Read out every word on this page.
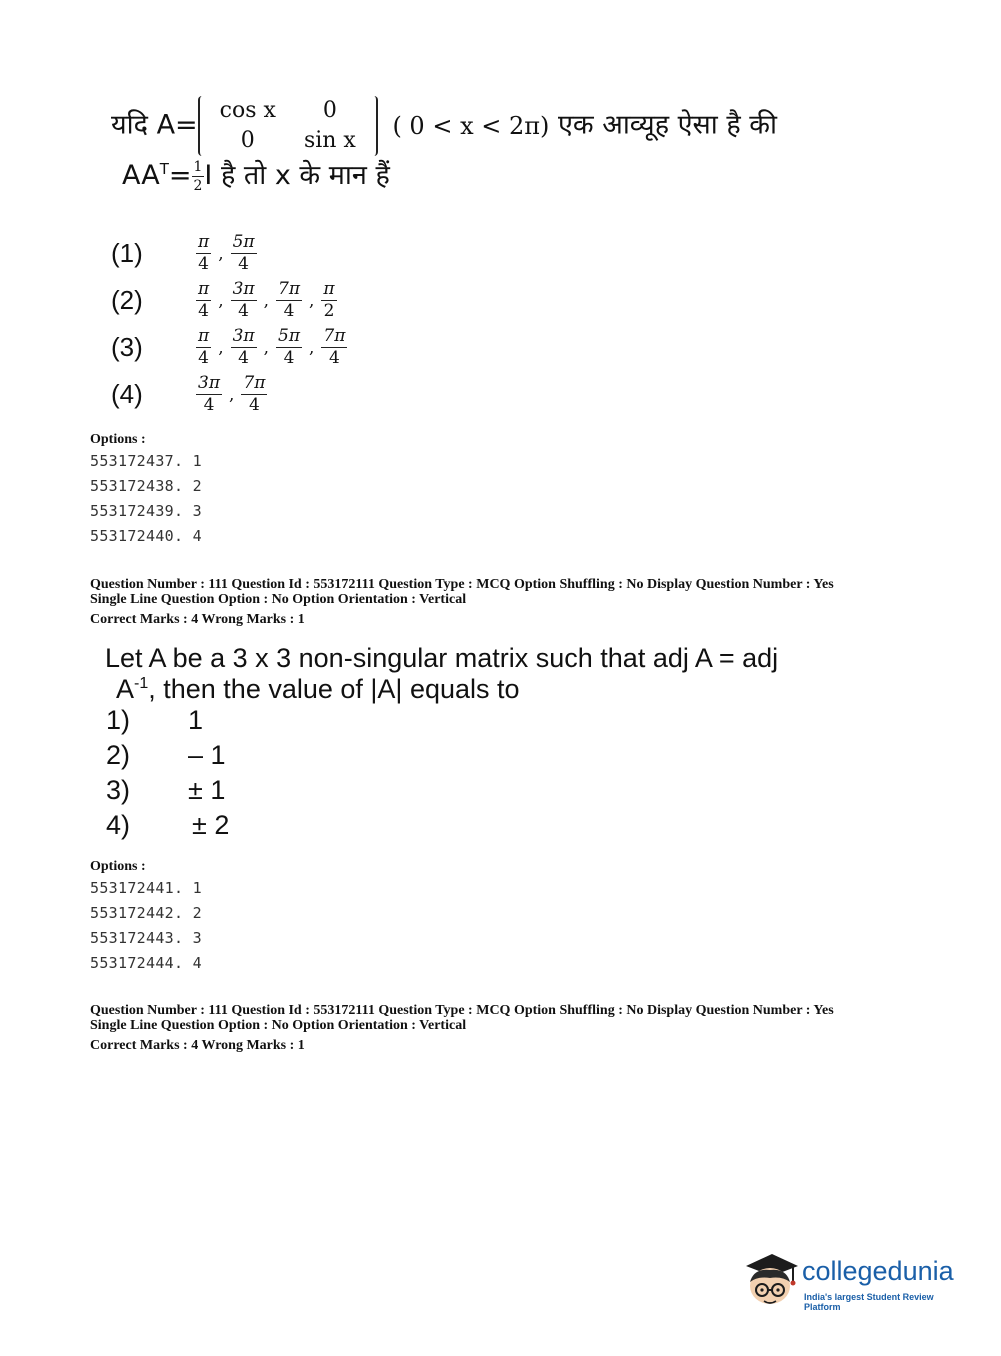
यदि A= cos x	0
0	sin x
( 0 < x < 2π) एक आव्यूह ऐसा है की
$AA^T= \frac{1}{2}$ I है तो x के मान हैं
(1)	$\frac{\pi}{4}$ , $\frac{5\pi}{4}$
(2)	$\frac{\pi}{4}$ , $\frac{3\pi}{4}$ , $\frac{7\pi}{4}$ , $\frac{\pi}{2}$
(3)	$\frac{\pi}{4}$ , $\frac{3\pi}{4}$ , $\frac{5\pi}{4}$ , $\frac{7\pi}{4}$
(4)	$\frac{3\pi}{4}$ , $\frac{7\pi}{4}$
Options :
553172437. 1
553172438. 2
553172439. 3
553172440. 4
Question Number : 111 Question Id : 553172111 Question Type : MCQ Option Shuffling : No Display Question Number : Yes
Single Line Question Option : No Option Orientation : Vertical
Correct Marks : 4 Wrong Marks : 1
Let A be a 3 x 3 non-singular matrix such that adj A = adj
$A^{-1}$, then the value of |A| equals to
1) 1
2) – 1
3) ± 1
4) ± 2
Options :
553172441. 1
553172442. 2
553172443. 3
553172444. 4
Question Number : 111 Question Id : 553172111 Question Type : MCQ Option Shuffling : No Display Question Number : Yes
Single Line Question Option : No Option Orientation : Vertical
Correct Marks : 4 Wrong Marks : 1
collegedunia
India's largest Student Review Platform
